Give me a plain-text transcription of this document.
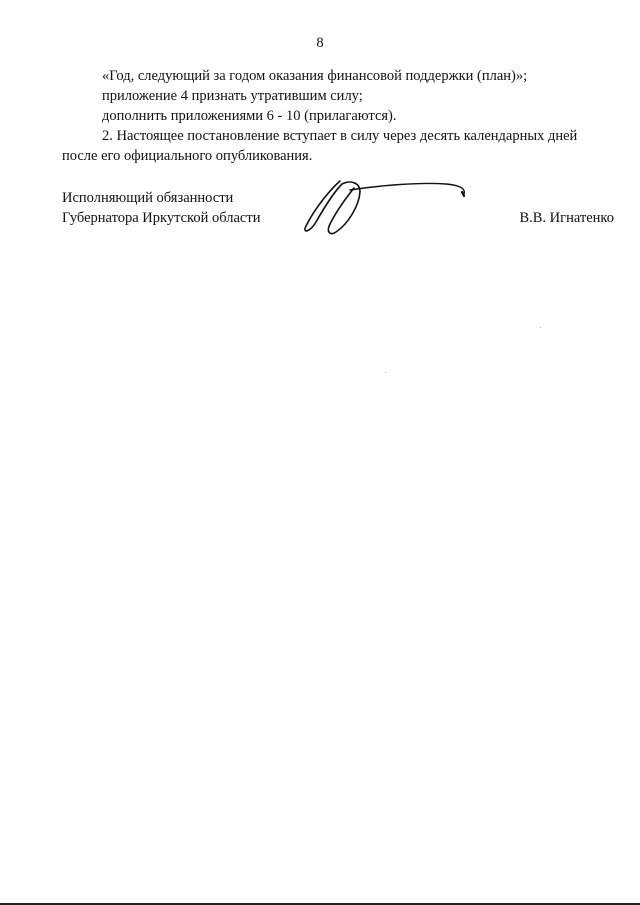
8
«Год, следующий за годом оказания финансовой поддержки (план)»;
приложение 4 признать утратившим силу;
дополнить приложениями 6 - 10 (прилагаются).
2. Настоящее постановление вступает в силу через десять календарных дней
после его официального опубликования.
Исполняющий обязанности
Губернатора Иркутской области	В.В. Игнатенко
